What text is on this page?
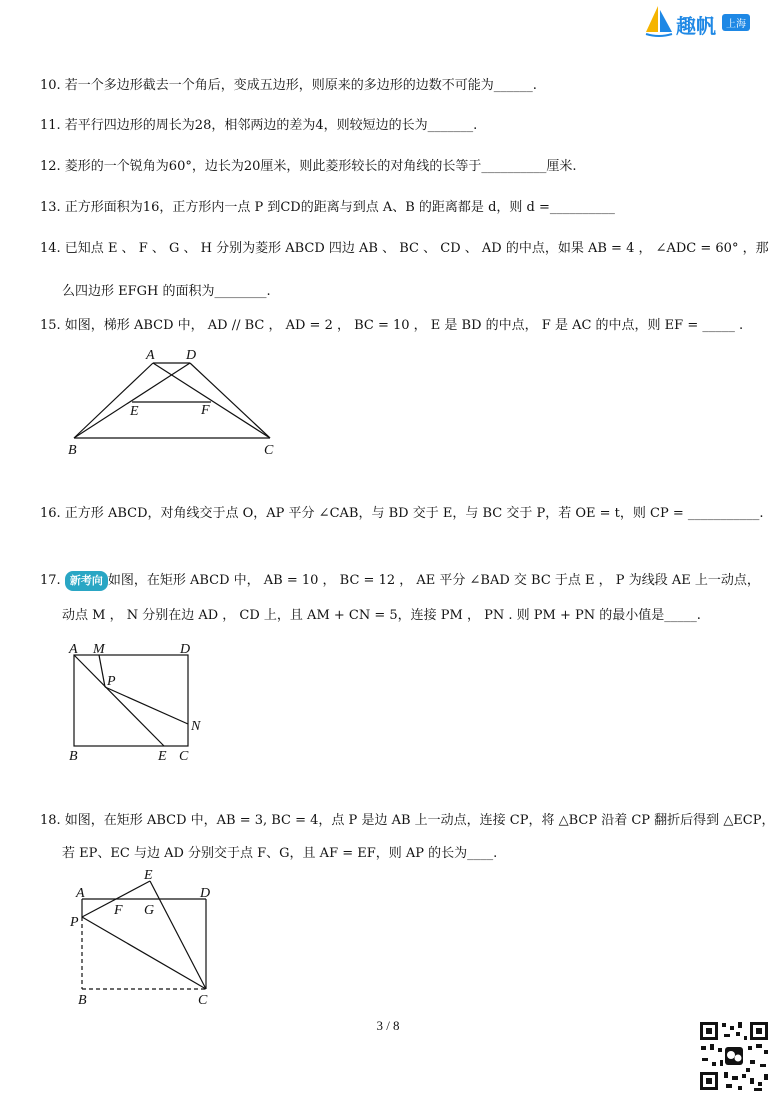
趣帆	上海
10. 若一个多边形截去一个角后，变成五边形，则原来的多边形的边数不可能为______.
11. 若平行四边形的周长为28，相邻两边的差为4，则较短边的长为_______.
12. 菱形的一个锐角为60°，边长为20厘米，则此菱形较长的对角线的长等于__________厘米.
13. 正方形面积为16，正方形内一点 P 到CD的距离与到点 A、B 的距离都是 d，则 d =__________
14. 已知点 E 、 F 、 G 、 H 分别为菱形 ABCD 四边 AB 、 BC 、 CD 、 AD 的中点，如果 AB = 4 ， ∠ADC = 60° ，那
么四边形 EFGH 的面积为________.
15. 如图，梯形 ABCD 中， AD // BC ， AD = 2 ， BC = 10 ， E 是 BD 的中点， F 是 AC 的中点，则 EF = _____ .
A D
E	F
B	C
16. 正方形 ABCD，对角线交于点 O，AP 平分 ∠CAB，与 BD 交于 E，与 BC 交于 P，若 OE = t，则 CP = ___________.
17. 新考向 如图，在矩形 ABCD 中， AB = 10 ， BC = 12 ， AE 平分 ∠BAD 交 BC 于点 E ， P 为线段 AE 上一动点，
动点 M ， N 分别在边 AD ， CD 上，且 AM + CN = 5，连接 PM ， PN . 则 PM + PN 的最小值是_____.
A M	D
P
N
B	E C
18. 如图，在矩形 ABCD 中，AB = 3, BC = 4，点 P 是边 AB 上一动点，连接 CP，将 △BCP 沿着 CP 翻折后得到 △ECP，
若 EP、EC 与边 AD 分别交于点 F、G，且 AF = EF，则 AP 的长为____.
E
A
F G
D
P
B	C
3 / 8
